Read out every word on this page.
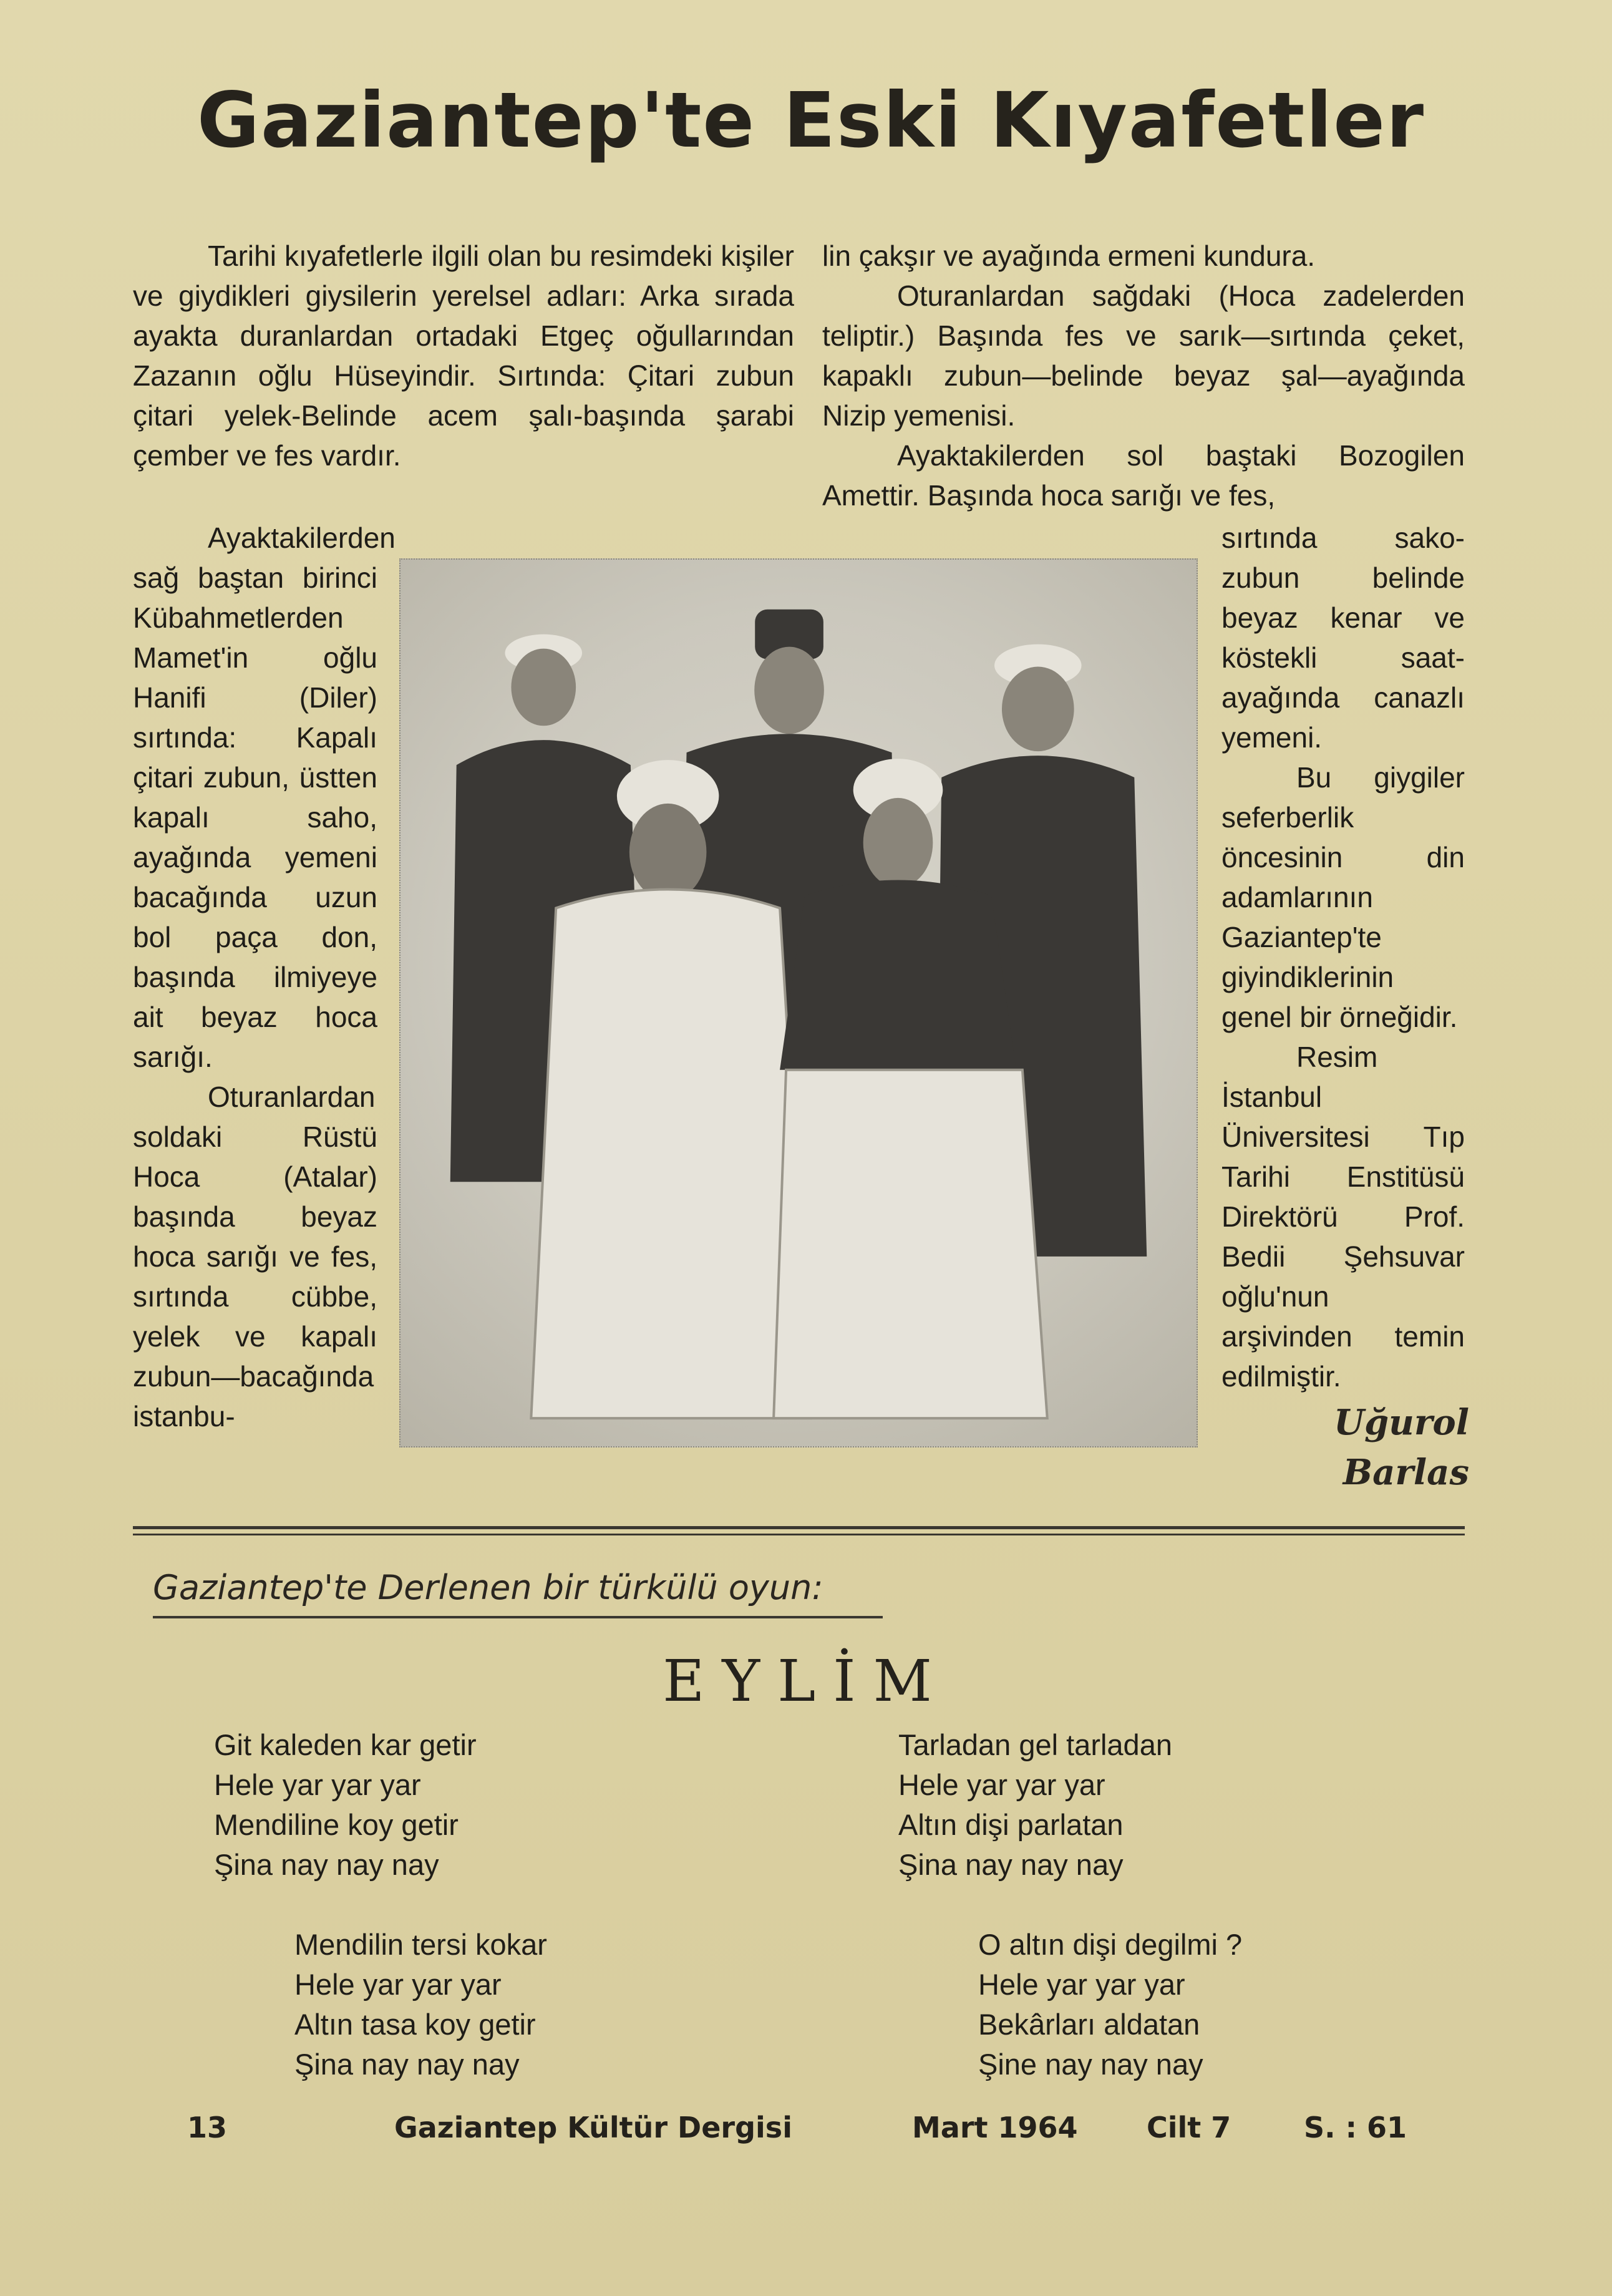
Gaziantep'te Eski Kıyafetler

Tarihi kıyafetlerle ilgili olan bu resimdeki kişiler ve giydikleri giysilerin yerelsel adları: Arka sırada ayakta duranlardan ortadaki Etgeç oğullarından Zazanın oğlu Hüseyindir. Sırtında: Çitari zubun çitari yelek-Belinde acem şalı-başında şarabi çember ve fes vardır.

Ayaktakilerden sağ baştan birinci Kübahmetlerden Mamet'in oğlu Hanifi (Diler) sırtında: Kapalı çitari zubun, üstten kapalı saho, ayağında yemeni bacağında uzun bol paça don, başında ilmiyeye ait beyaz hoca sarığı.

Oturanlardan soldaki Rüstü Hoca (Atalar) başında beyaz hoca sarığı ve fes, sırtında cübbe, yelek ve kapalı zubun—bacağında istanbu-

lin çakşır ve ayağında ermeni kundura.

Oturanlardan sağdaki (Hoca zadelerden teliptir.) Başında fes ve sarık—sırtında çeket, kapaklı zubun—belinde beyaz şal—ayağında Nizip yemenisi.

Ayaktakilerden sol baştaki Bozogilen Amettir. Başında hoca sarığı ve fes,

sırtında sako-zubun belinde beyaz kenar ve köstekli saat-ayağında canazlı yemeni.

Bu giygiler seferberlik öncesinin din adamlarının Gaziantep'te giyindiklerinin genel bir örneğidir.

Resim İstanbul Üniversitesi Tıp Tarihi Enstitüsü Direktörü Prof. Bedii Şehsuvar oğlu'nun arşivinden temin edilmiştir.

Uğurol Barlas
Gaziantep'te Derlenen bir türkülü oyun:
EYLİM
Git kaleden kar getir
Hele yar yar yar
Mendiline koy getir
Şina nay nay nay
Tarladan gel tarladan
Hele yar yar yar
Altın dişi parlatan
Şina nay nay nay
Mendilin tersi kokar
Hele yar yar yar
Altın tasa koy getir
Şina nay nay nay
O altın dişi degilmi ?
Hele yar yar yar
Bekârları aldatan
Şine nay nay nay
13	Gaziantep Kültür Dergisi	Mart 1964	Cilt 7	S. : 61
